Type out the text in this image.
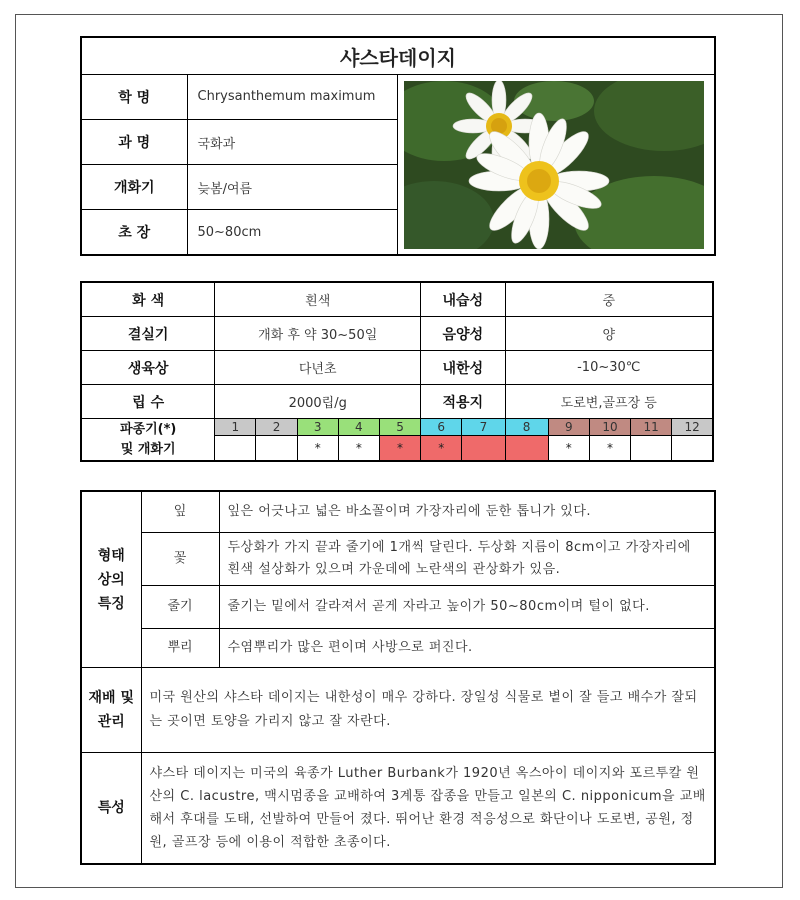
샤스타데이지		
학 명	Chrysanthemum maximum	

과 명	국화과	
개화기	늦봄/여름	
초 장	50~80cm	
화 색	흰색					내습성		중				
결실기	개화 후 약 30~50일					음양성		양				
생육상	다년초					내한성		-10~30℃				
립 수	2000립/g					적용지		도로변,골프장 등				

파종기(*)
및 개화기	1	2	3	4	5	6	7	8	9	10	11	12
			*	*	*	*			*	*		
형태 상의 특징	잎	잎은 어긋나고 넓은 바소꼴이며 가장자리에 둔한 톱니가 있다.
	꽃	두상화가 가지 끝과 줄기에 1개씩 달린다. 두상화 지름이 8cm이고 가장자리에 흰색 설상화가 있으며 가운데에 노란색의 관상화가 있음.
	줄기	줄기는 밑에서 갈라져서 곧게 자라고 높이가 50~80cm이며 털이 없다.
	뿌리	수염뿌리가 많은 편이며 사방으로 퍼진다.
재배 및 관리	미국 원산의 샤스타 데이지는 내한성이 매우 강하다. 장일성 식물로 볕이 잘 들고 배수가 잘되는 곳이면 토양을 가리지 않고 잘 자란다.	
특성	샤스타 데이지는 미국의 육종가 Luther Burbank가 1920년 옥스아이 데이지와 포르투칼 원산의 C. lacustre, 맥시멈종을 교배하여 3계통 잡종을 만들고 일본의 C. nipponicum을 교배해서 후대를 도태, 선발하여 만들어 졌다. 뛰어난 환경 적응성으로 화단이나 도로변, 공원, 정원, 골프장 등에 이용이 적합한 초종이다.	
